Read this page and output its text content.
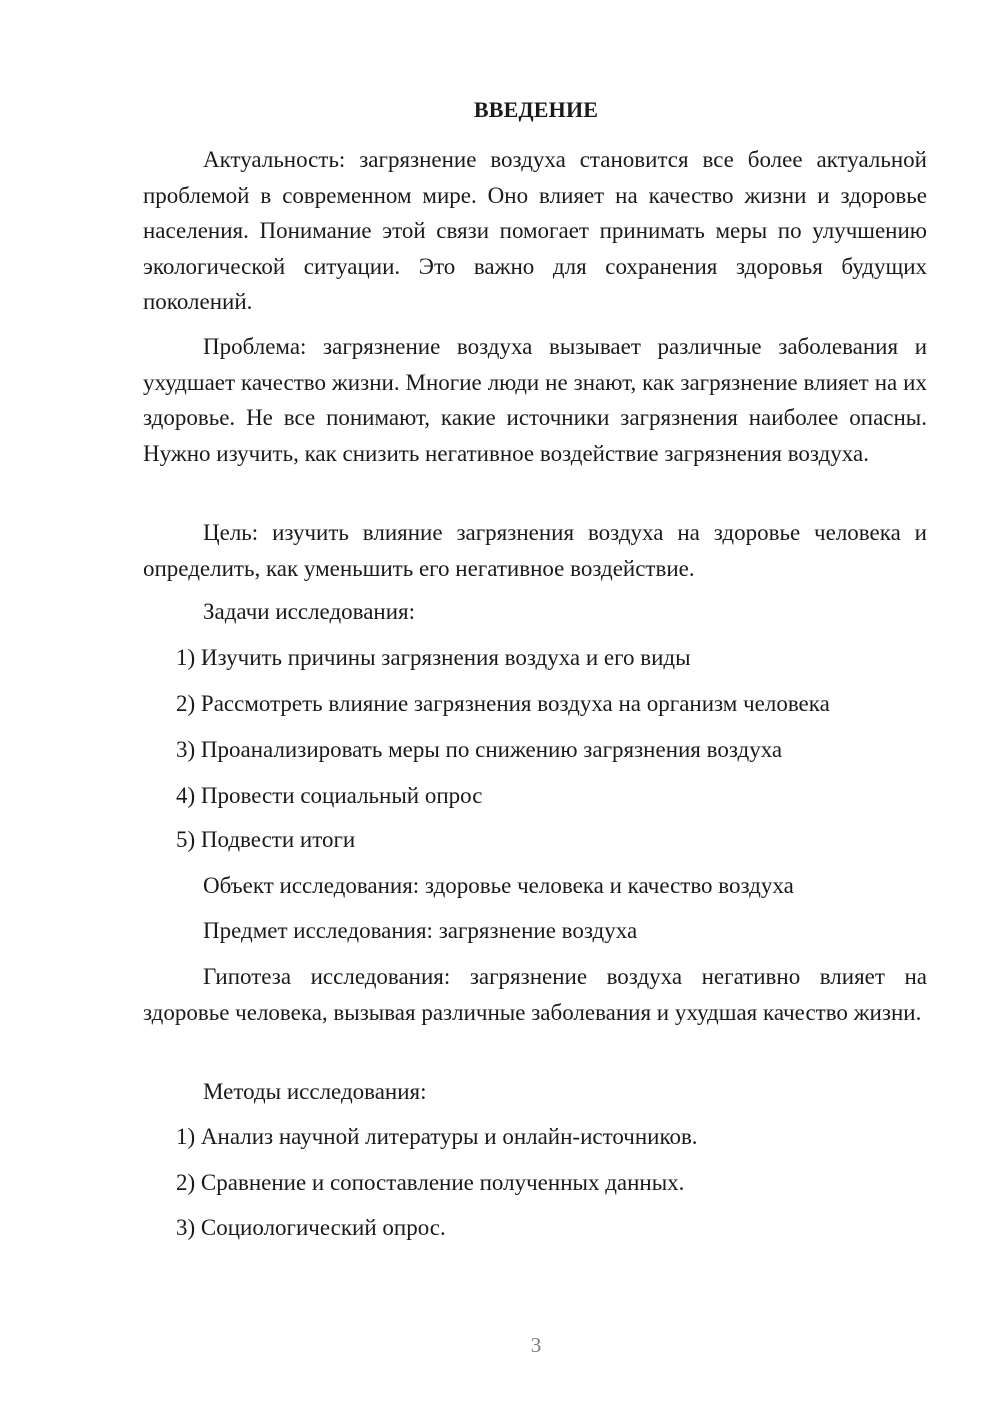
ВВЕДЕНИЕ

Актуальность: загрязнение воздуха становится все более актуальной проблемой в современном мире. Оно влияет на качество жизни и здоровье населения. Понимание этой связи помогает принимать меры по улучшению экологической ситуации. Это важно для сохранения здоровья будущих поколений.

Проблема: загрязнение воздуха вызывает различные заболевания и ухудшает качество жизни. Многие люди не знают, как загрязнение влияет на их здоровье. Не все понимают, какие источники загрязнения наиболее опасны. Нужно изучить, как снизить негативное воздействие загрязнения воздуха.

Цель: изучить влияние загрязнения воздуха на здоровье человека и определить, как уменьшить его негативное воздействие.

Задачи исследования:
1) Изучить причины загрязнения воздуха и его виды
2) Рассмотреть влияние загрязнения воздуха на организм человека
3) Проанализировать меры по снижению загрязнения воздуха
4) Провести социальный опрос
5) Подвести итоги
Объект исследования: здоровье человека и качество воздуха
Предмет исследования: загрязнение воздуха

Гипотеза исследования: загрязнение воздуха негативно влияет на здоровье человека, вызывая различные заболевания и ухудшая качество жизни.

Методы исследования:
1) Анализ научной литературы и онлайн-источников.
2) Сравнение и сопоставление полученных данных.
3) Социологический опрос.
3
